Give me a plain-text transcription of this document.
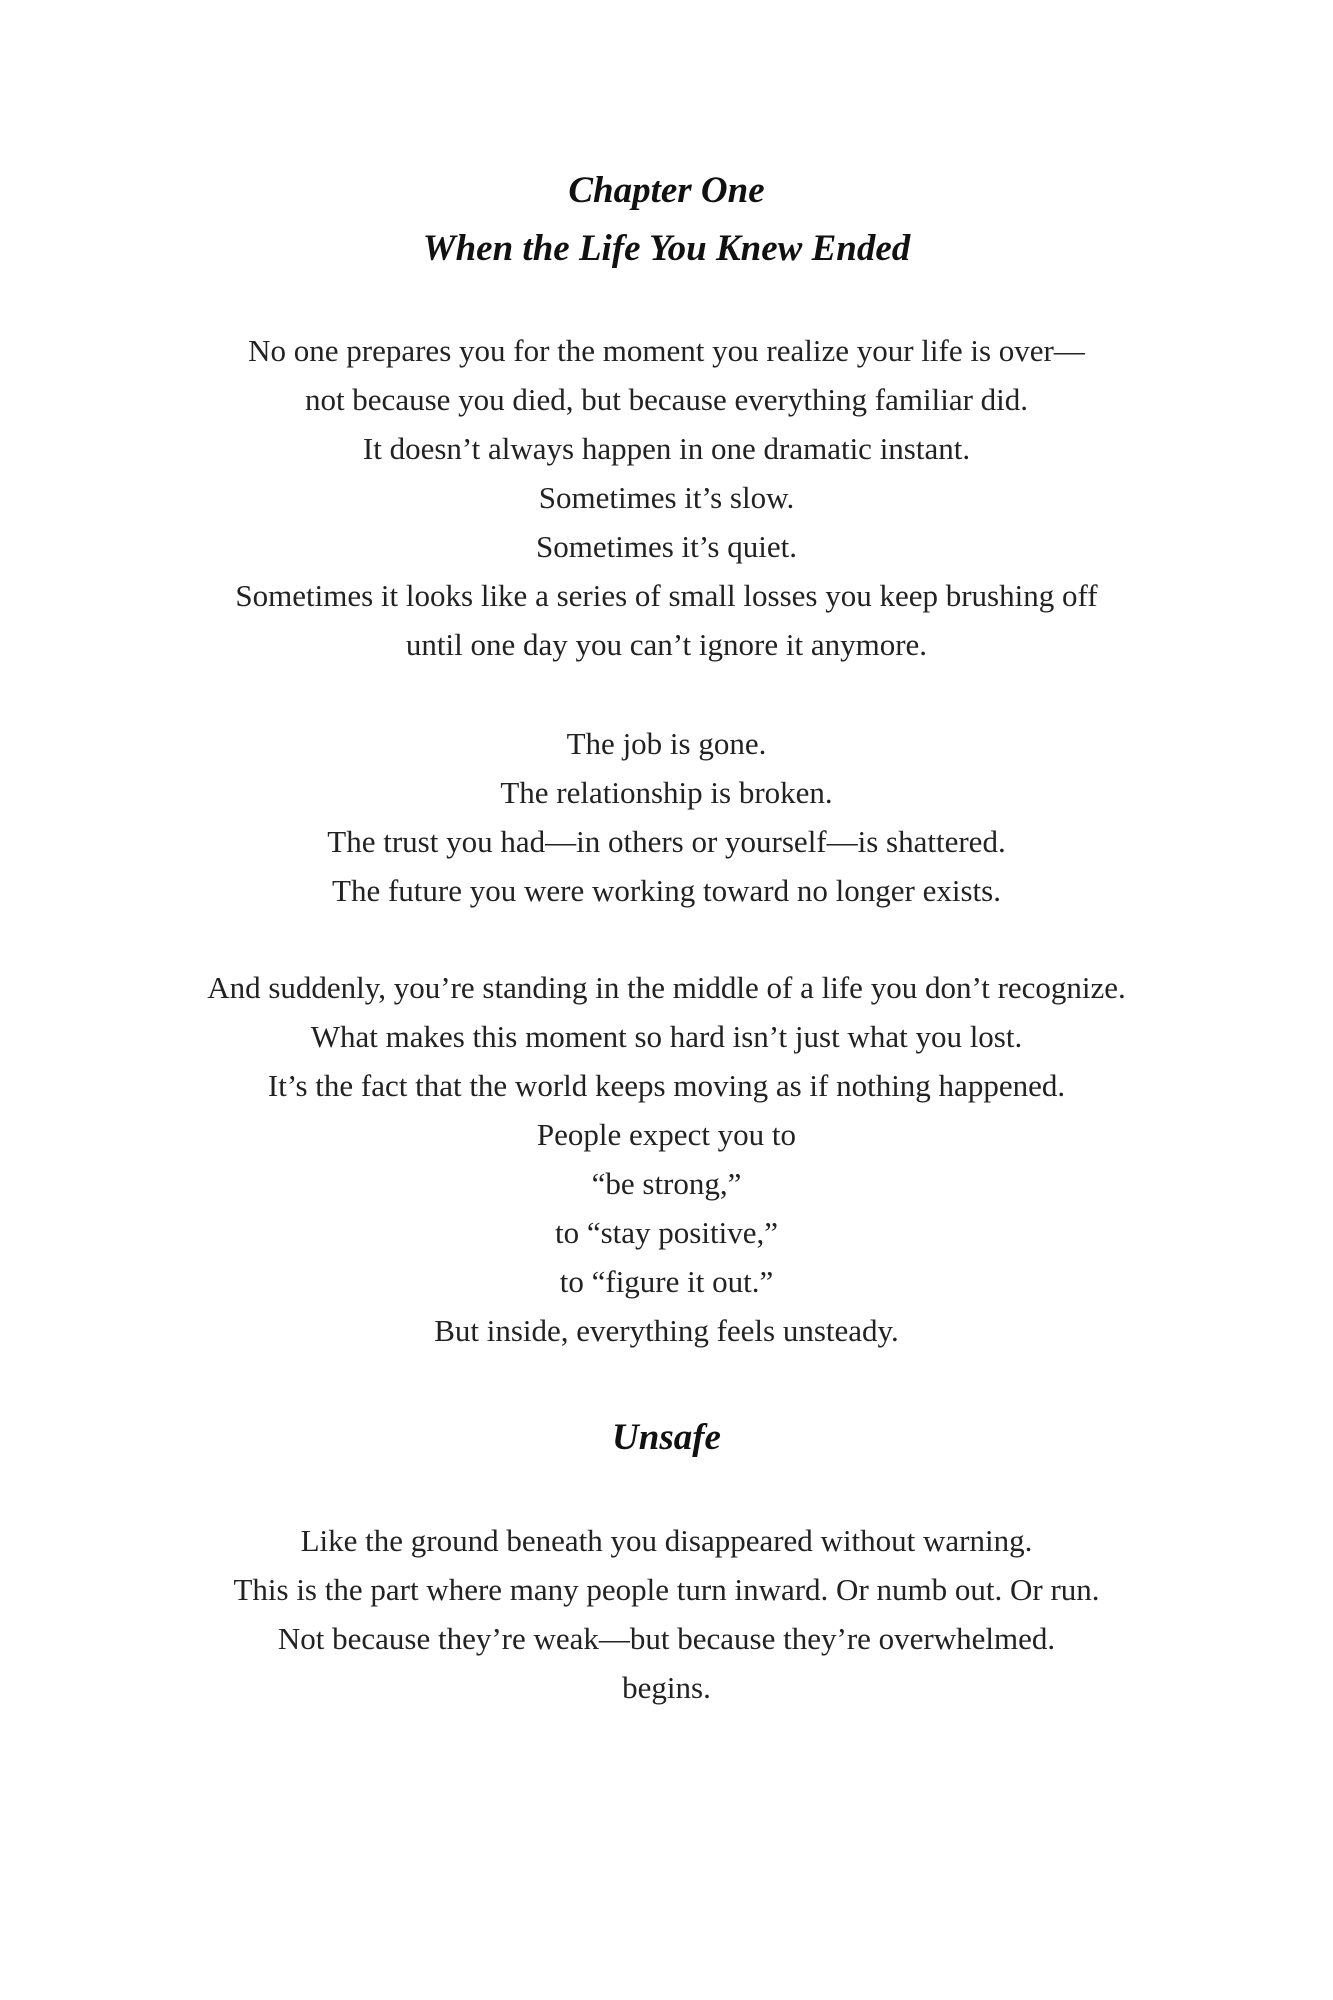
Chapter One

When the Life You Knew Ended

No one prepares you for the moment you realize your life is over—
not because you died, but because everything familiar did.
It doesn’t always happen in one dramatic instant.
Sometimes it’s slow.
Sometimes it’s quiet.
Sometimes it looks like a series of small losses you keep brushing off
until one day you can’t ignore it anymore.
The job is gone.
The relationship is broken.
The trust you had—in others or yourself—is shattered.
The future you were working toward no longer exists.
And suddenly, you’re standing in the middle of a life you don’t recognize.
What makes this moment so hard isn’t just what you lost.
It’s the fact that the world keeps moving as if nothing happened.
People expect you to
“be strong,”
to “stay positive,”
to “figure it out.”
But inside, everything feels unsteady.

Unsafe

Like the ground beneath you disappeared without warning.
This is the part where many people turn inward. Or numb out. Or run.
Not because they’re weak—but because they’re overwhelmed.
begins.
